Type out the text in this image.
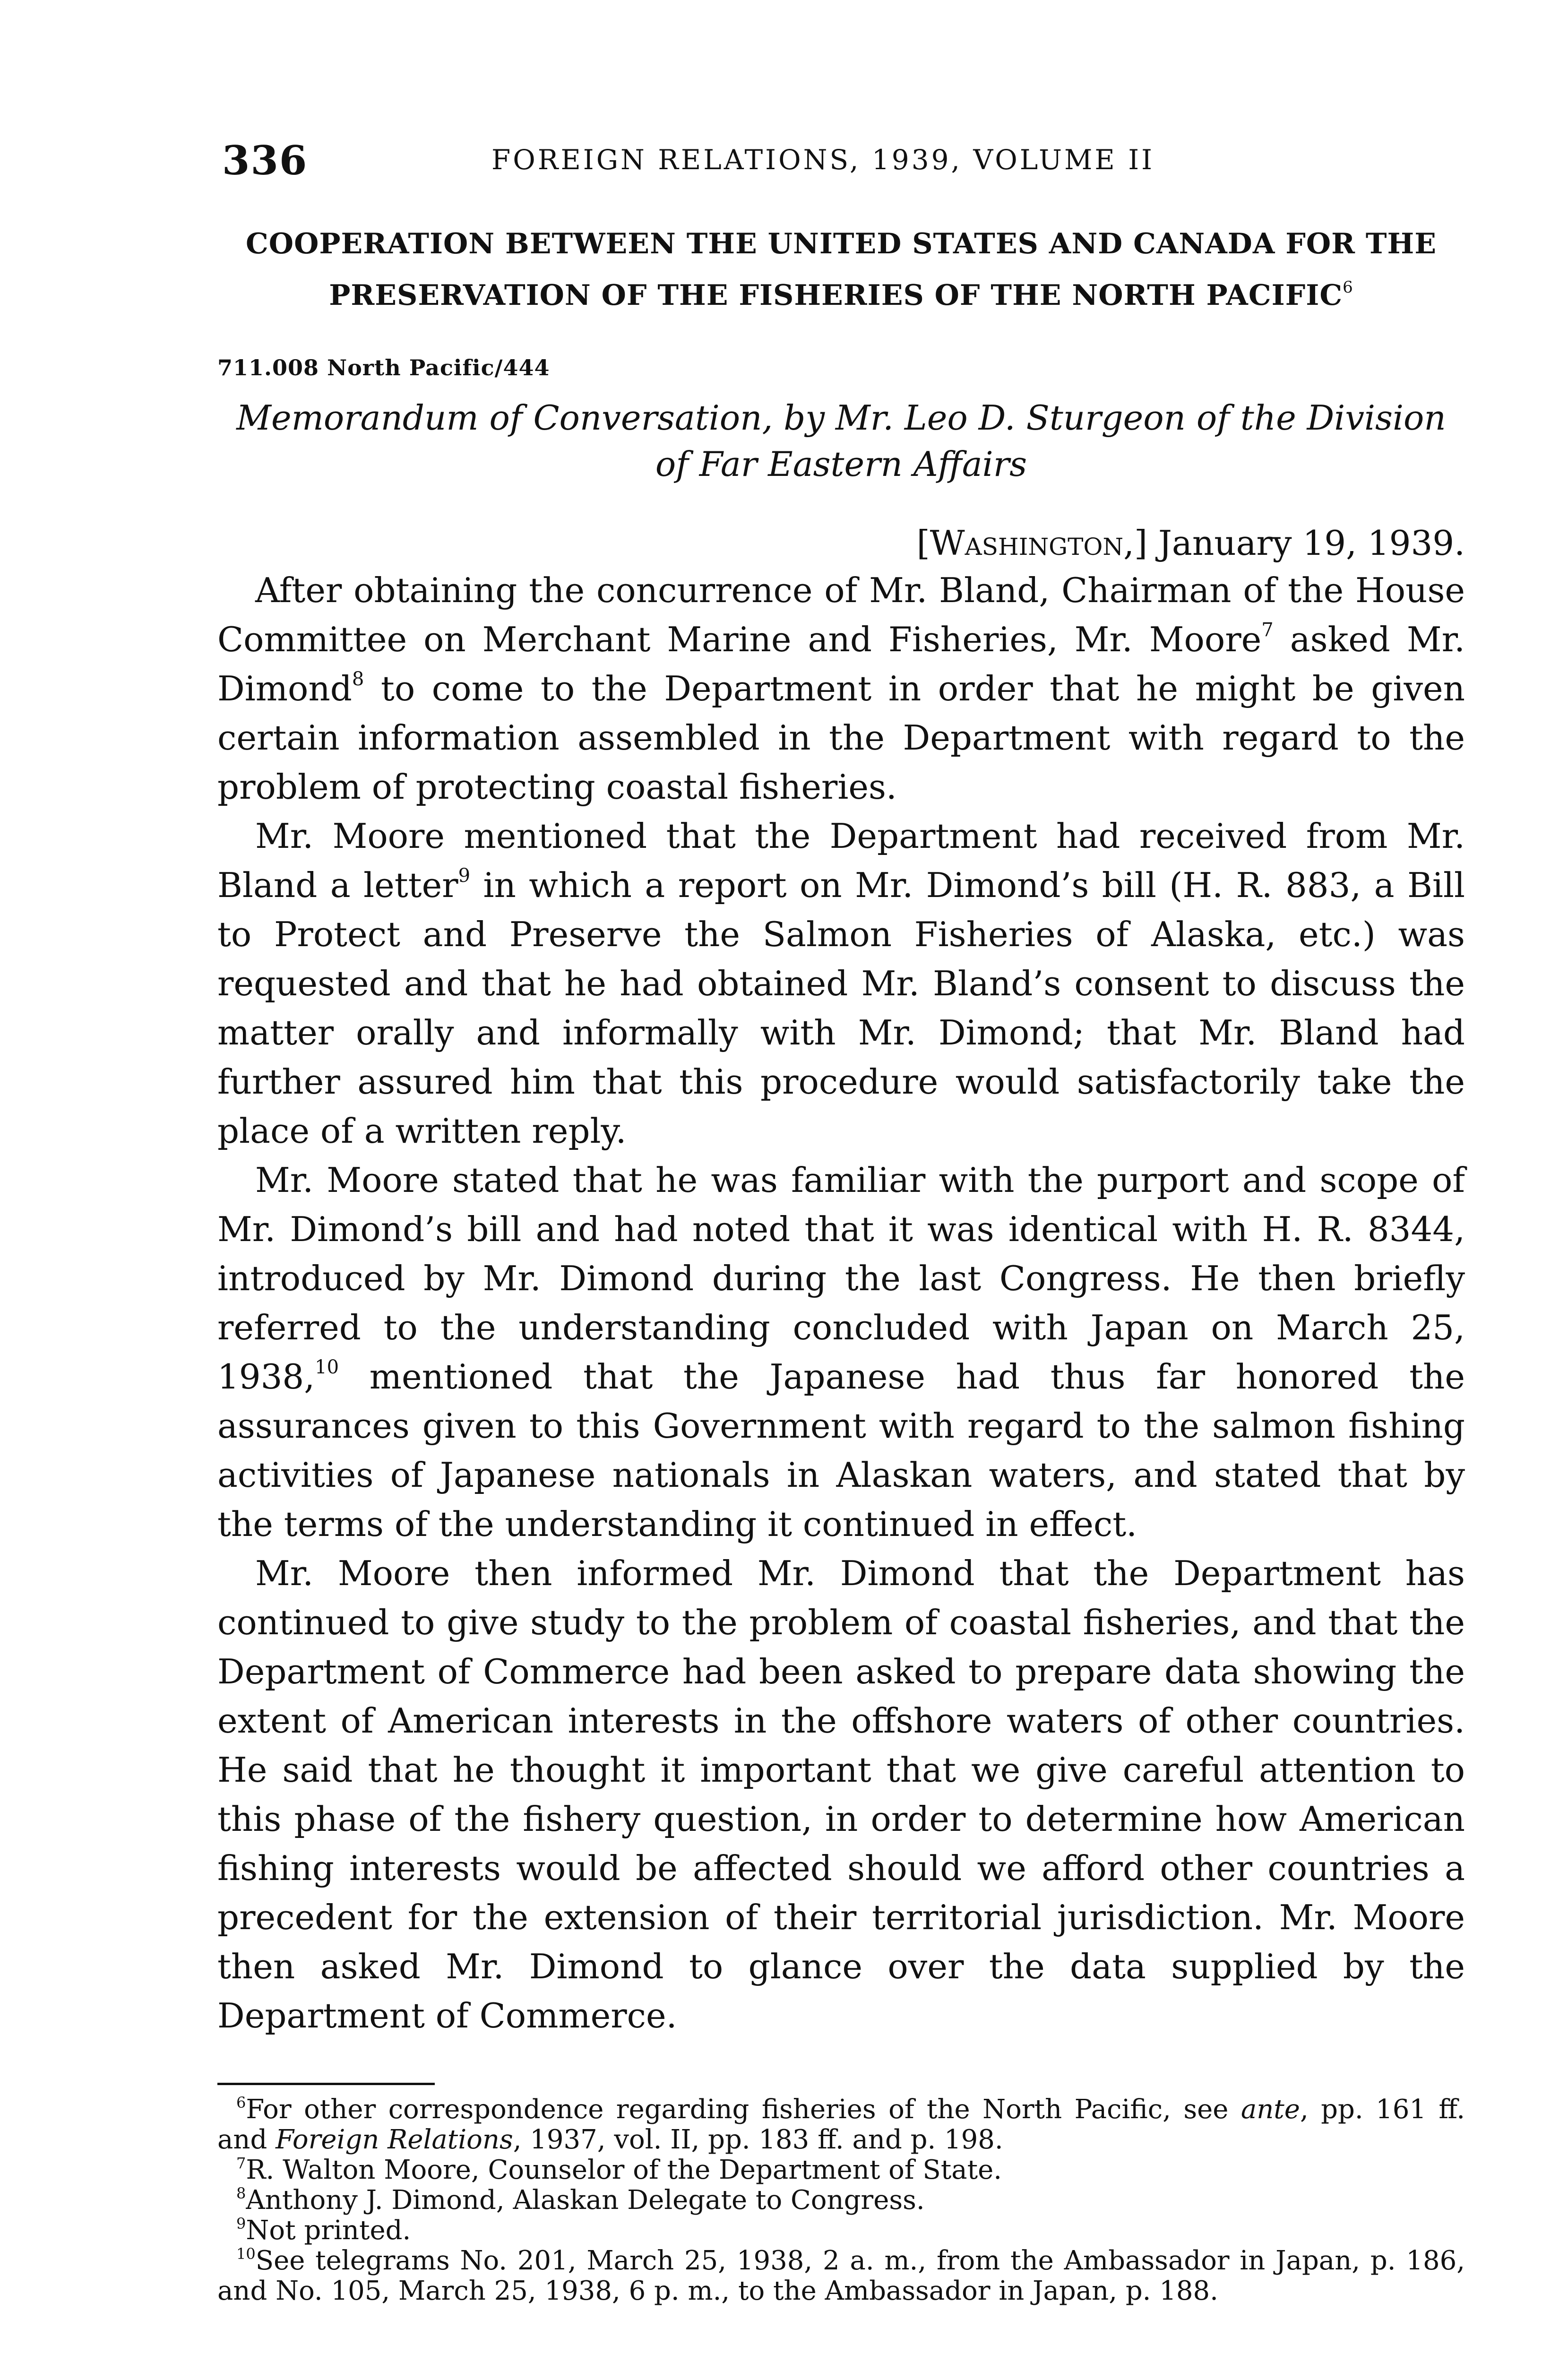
336	FOREIGN RELATIONS, 1939, VOLUME II
COOPERATION BETWEEN THE UNITED STATES AND CANADA FOR THE
PRESERVATION OF THE FISHERIES OF THE NORTH PACIFIC$^6$
711.008 North Pacific/444
Memorandum of Conversation, by Mr. Leo D. Sturgeon of the Division
of Far Eastern Affairs
[Washington,] January 19, 1939.

After obtaining the concurrence of Mr. Bland, Chairman of the House Committee on Merchant Marine and Fisheries, Mr. Moore$^7$ asked Mr. Dimond$^8$ to come to the Department in order that he might be given certain information assembled in the Department with regard to the problem of protecting coastal fisheries.

Mr. Moore mentioned that the Department had received from Mr. Bland a letter$^9$ in which a report on Mr. Dimond’s bill (H. R. 883, a Bill to Protect and Preserve the Salmon Fisheries of Alaska, etc.) was requested and that he had obtained Mr. Bland’s consent to discuss the matter orally and informally with Mr. Dimond; that Mr. Bland had further assured him that this procedure would satisfactorily take the place of a written reply.

Mr. Moore stated that he was familiar with the purport and scope of Mr. Dimond’s bill and had noted that it was identical with H. R. 8344, introduced by Mr. Dimond during the last Congress. He then briefly referred to the understanding concluded with Japan on March 25, 1938,10 mentioned that the Japanese had thus far honored the assurances given to this Government with regard to the salmon fishing activities of Japanese nationals in Alaskan waters, and stated that by the terms of the understanding it continued in effect.

Mr. Moore then informed Mr. Dimond that the Department has continued to give study to the problem of coastal fisheries, and that the Department of Commerce had been asked to prepare data showing the extent of American interests in the offshore waters of other countries. He said that he thought it important that we give careful attention to this phase of the fishery question, in order to determine how American fishing interests would be affected should we afford other countries a precedent for the extension of their territorial jurisdiction. Mr. Moore then asked Mr. Dimond to glance over the data supplied by the Department of Commerce.

$^6$For other correspondence regarding fisheries of the North Pacific, see ante, pp. 161 ff. and Foreign Relations, 1937, vol. II, pp. 183 ff. and p. 198.

$^7$R. Walton Moore, Counselor of the Department of State.

$^8$Anthony J. Dimond, Alaskan Delegate to Congress.

$^9$Not printed.

$^{10}$See telegrams No. 201, March 25, 1938, 2 a. m., from the Ambassador in Japan, p. 186, and No. 105, March 25, 1938, 6 p. m., to the Ambassador in Japan, p. 188.
